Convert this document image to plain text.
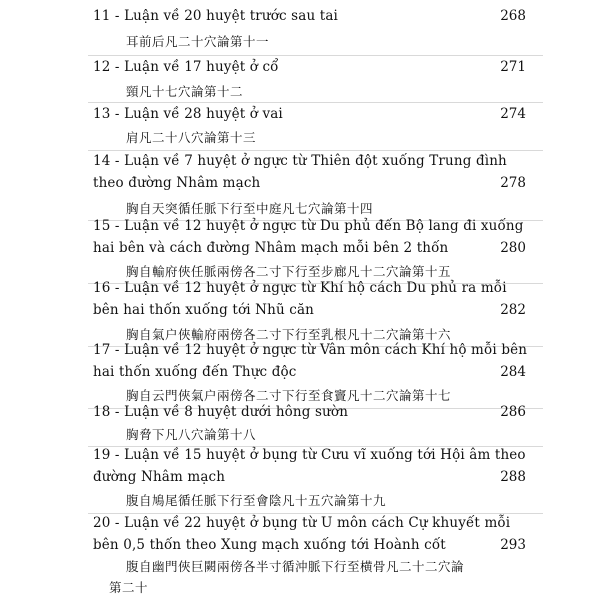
11 - Luận về 20 huyệt trước sau tai	268
耳前后凡二十穴論第十一
12 - Luận về 17 huyệt ở cổ	271
頸凡十七穴論第十二
13 - Luận về 28 huyệt ở vai	274
肩凡二十八穴論第十三
14 - Luận về 7 huyệt ở ngực từ Thiên đột xuống Trung đình
theo đường Nhâm mạch	278
胸自天突循任脈下行至中庭凡七穴論第十四
15 - Luận về 12 huyệt ở ngực từ Du phủ đến Bộ lang đi xuống
hai bên và cách đường Nhâm mạch mỗi bên 2 thốn	280
胸自輸府俠任脈兩傍各二寸下行至步廊凡十二穴論第十五
16 - Luận về 12 huyệt ở ngực từ Khí hộ cách Du phủ ra mỗi
bên hai thốn xuống tới Nhũ căn	282
胸自氣户俠輸府兩傍各二寸下行至乳根凡十二穴論第十六
17 - Luận về 12 huyệt ở ngực từ Vân môn cách Khí hộ mỗi bên
hai thốn xuống đến Thực độc	284
胸自云門俠氣户兩傍各二寸下行至食竇凡十二穴論第十七
18 - Luận về 8 huyệt dưới hông sườn	286
胸脅下凡八穴論第十八
19 - Luận về 15 huyệt ở bụng từ Cưu vĩ xuống tới Hội âm theo
đường Nhâm mạch	288
腹自鳩尾循任脈下行至會陰凡十五穴論第十九
20 - Luận về 22 huyệt ở bụng từ U môn cách Cự khuyết mỗi
bên 0,5 thốn theo Xung mạch xuống tới Hoành cốt	293
腹自幽門俠巨闕兩傍各半寸循沖脈下行至横骨凡二十二穴論
第二十
